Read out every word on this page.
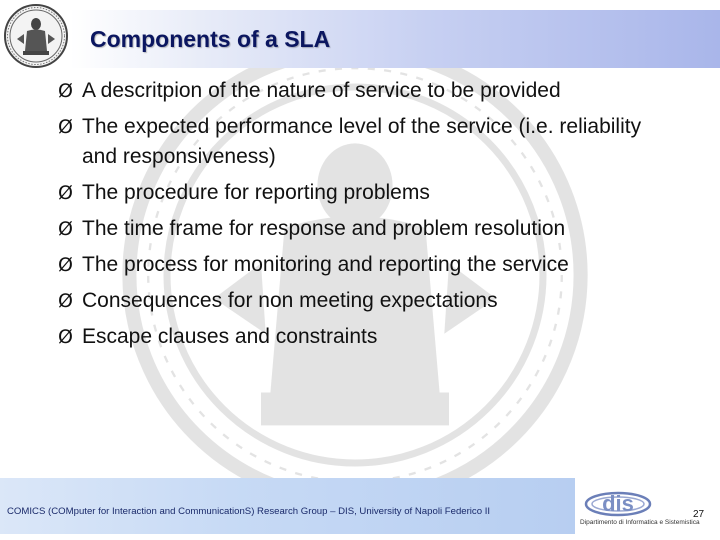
Components of a SLA
Ø A descritpion of the nature of service to be provided
Ø The expected performance level of the service (i.e. reliability and responsiveness)
Ø The procedure for reporting problems
Ø The time frame for response and problem resolution
Ø The process for monitoring and reporting the service
Ø Consequences for non meeting expectations
Ø Escape clauses and constraints
COMICS (COMputer for Interaction and CommunicationS) Research Group – DIS, University of Napoli Federico II	dis
Dipartimento di Informatica e Sistemistica
27
